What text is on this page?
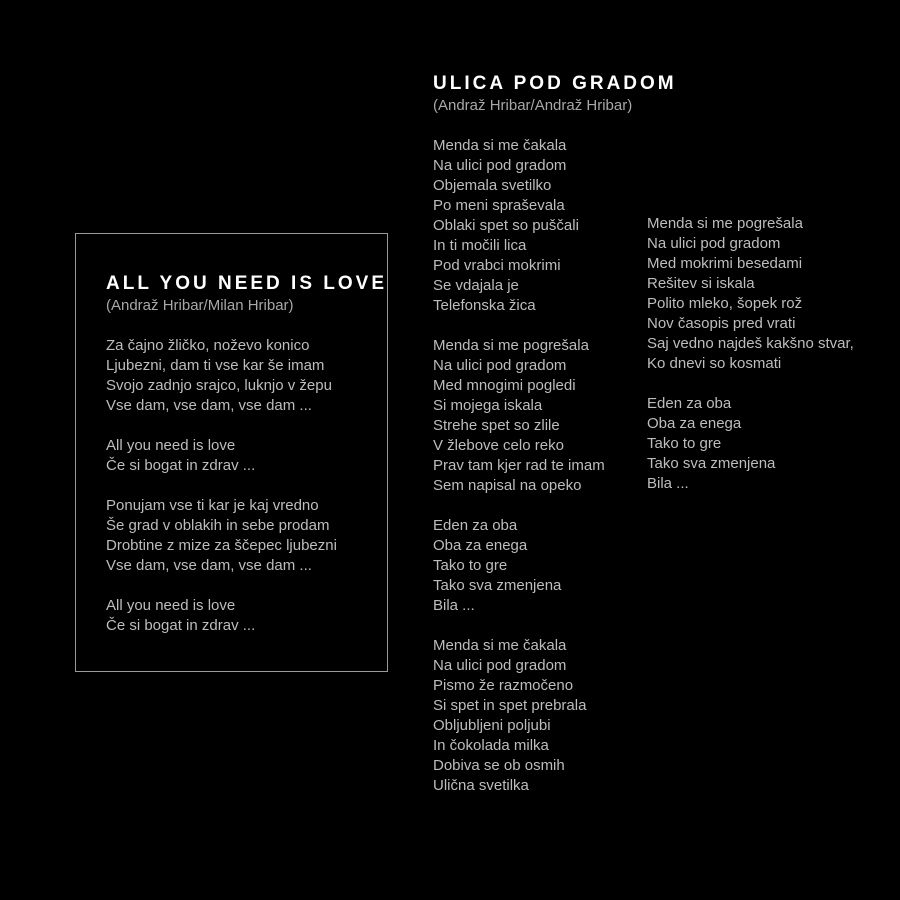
ALL YOU NEED IS LOVE
(Andraž Hribar/Milan Hribar)
Za čajno žličko, noževo konico
Ljubezni, dam ti vse kar še imam
Svojo zadnjo srajco, luknjo v žepu
Vse dam, vse dam, vse dam ...
All you need is love
Če si bogat in zdrav ...
Ponujam vse ti kar je kaj vredno
Še grad v oblakih in sebe prodam
Drobtine z mize za ščepec ljubezni
Vse dam, vse dam, vse dam ...
All you need is love
Če si bogat in zdrav ...
ULICA POD GRADOM
(Andraž Hribar/Andraž Hribar)
Menda si me čakala
Na ulici pod gradom
Objemala svetilko
Po meni spraševala
Oblaki spet so puščali
In ti močili lica
Pod vrabci mokrimi
Se vdajala je
Telefonska žica
Menda si me pogrešala
Na ulici pod gradom
Med mnogimi pogledi
Si mojega iskala
Strehe spet so zlile
V žlebove celo reko
Prav tam kjer rad te imam
Sem napisal na opeko
Eden za oba
Oba za enega
Tako to gre
Tako sva zmenjena
Bila ...
Menda si me čakala
Na ulici pod gradom
Pismo že razmočeno
Si spet in spet prebrala
Obljubljeni poljubi
In čokolada milka
Dobiva se ob osmih
Ulična svetilka
Menda si me pogrešala
Na ulici pod gradom
Med mokrimi besedami
Rešitev si iskala
Polito mleko, šopek rož
Nov časopis pred vrati
Saj vedno najdeš kakšno stvar,
Ko dnevi so kosmati
Eden za oba
Oba za enega
Tako to gre
Tako sva zmenjena
Bila ...
